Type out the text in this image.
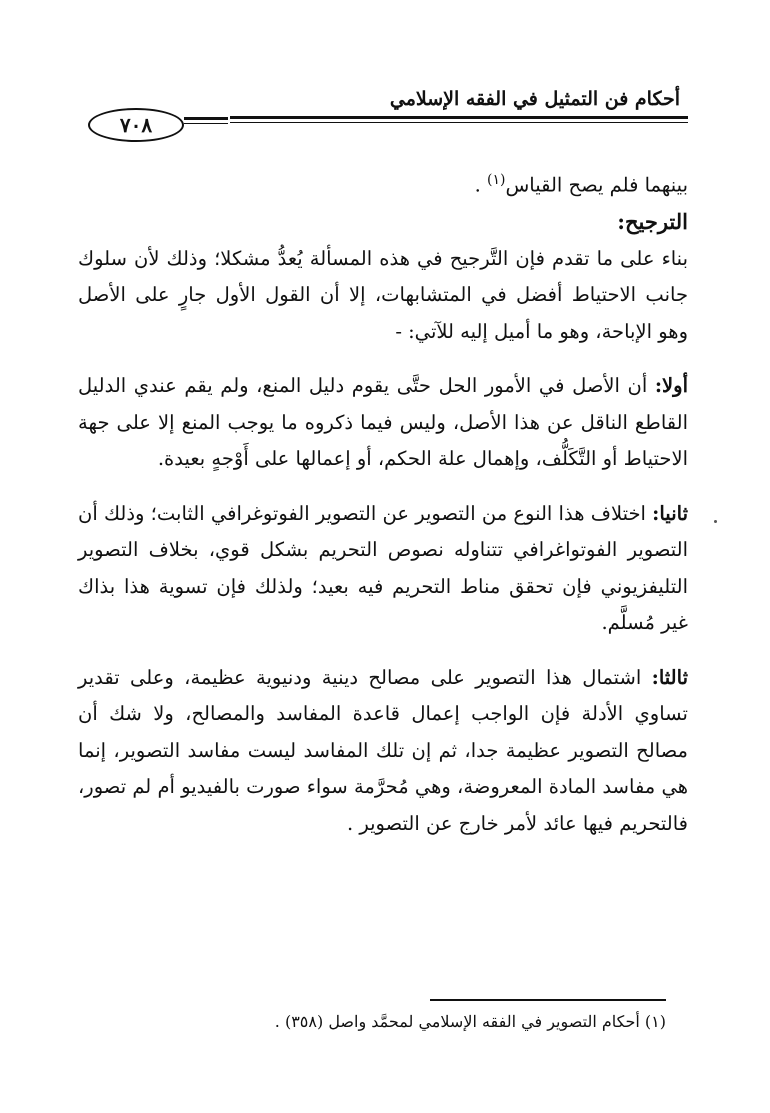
أحكام فن التمثيل في الفقه الإسلامي
٧٠٨

بينهما فلم يصح القياس$^{(١)}$ .

الترجيح:

بناء على ما تقدم فإن التَّرجيح في هذه المسألة يُعدُّ مشكلا؛ وذلك لأن سلوك جانب الاحتياط أفضل في المتشابهات، إلا أن القول الأول جارٍ على الأصل وهو الإباحة، وهو ما أميل إليه للآتي: -

أولا: أن الأصل في الأمور الحل حتَّى يقوم دليل المنع، ولم يقم عندي الدليل القاطع الناقل عن هذا الأصل، وليس فيما ذكروه ما يوجب المنع إلا على جهة الاحتياط أو التَّكَلُّف، وإهمال علة الحكم، أو إعمالها على أَوْجهٍ بعيدة.

ثانيا: اختلاف هذا النوع من التصوير عن التصوير الفوتوغرافي الثابت؛ وذلك أن التصوير الفوتواغرافي تتناوله نصوص التحريم بشكل قوي، بخلاف التصوير التليفزيوني فإن تحقق مناط التحريم فيه بعيد؛ ولذلك فإن تسوية هذا بذاك غير مُسلَّم.

ثالثا: اشتمال هذا التصوير على مصالح دينية ودنيوية عظيمة، وعلى تقدير تساوي الأدلة فإن الواجب إعمال قاعدة المفاسد والمصالح، ولا شك أن مصالح التصوير عظيمة جدا، ثم إن تلك المفاسد ليست مفاسد التصوير، إنما هي مفاسد المادة المعروضة، وهي مُحرَّمة سواء صورت بالفيديو أم لم تصور، فالتحريم فيها عائد لأمر خارج عن التصوير .

(١) أحكام التصوير في الفقه الإسلامي لمحمَّد واصل (٣٥٨) .
